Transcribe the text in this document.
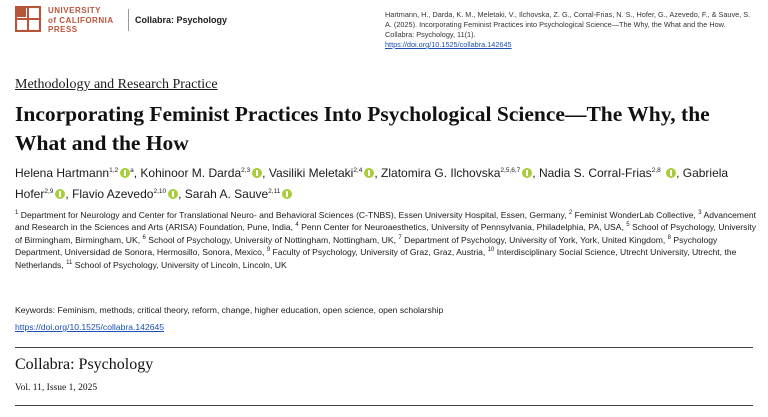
UNIVERSITY
of CALIFORNIA
PRESS
Collabra: Psychology
Hartmann, H., Darda, K. M., Meletaki, V., Ilchovska, Z. G., Corral-Frias, N. S., Hofer, G., Azevedo, F., & Sauve, S. A. (2025). Incorporating Feminist Practices into Psychological Science—The Why, the What and the How. Collabra: Psychology, 11(1).
https://doi.org/10.1525/collabra.142645
Methodology and Research Practice
Incorporating Feminist Practices Into Psychological Science—The Why, the What and the How
Helena Hartmann$^{1,2}$ $^a$, Kohinoor M. Darda$^{2,3}$ , Vasiliki Meletaki$^{2,4}$ , Zlatomira G. Ilchovska$^{2,5,6,7}$ , Nadia S. Corral-Frias$^{2,8}$ , Gabriela Hofer$^{2,9}$ , Flavio Azevedo$^{2,10}$ , Sarah A. Sauve$^{2,11}$
$^1$ Department for Neurology and Center for Translational Neuro- and Behavioral Sciences (C-TNBS), Essen University Hospital, Essen, Germany, $^2$ Feminist WonderLab Collective, $^3$ Advancement and Research in the Sciences and Arts (ARISA) Foundation, Pune, India, $^4$ Penn Center for Neuroaesthetics, University of Pennsylvania, Philadelphia, PA, USA, $^5$ School of Psychology, University of Birmingham, Birmingham, UK, $^6$ School of Psychology, University of Nottingham, Nottingham, UK, $^7$ Department of Psychology, University of York, York, United Kingdom, $^8$ Psychology Department, Universidad de Sonora, Hermosillo, Sonora, Mexico, $^9$ Faculty of Psychology, University of Graz, Graz, Austria, $^{10}$ Interdisciplinary Social Science, Utrecht University, Utrecht, the Netherlands, $^{11}$ School of Psychology, University of Lincoln, Lincoln, UK
Keywords: Feminism, methods, critical theory, reform, change, higher education, open science, open scholarship
https://doi.org/10.1525/collabra.142645
Collabra: Psychology
Vol. 11, Issue 1, 2025
